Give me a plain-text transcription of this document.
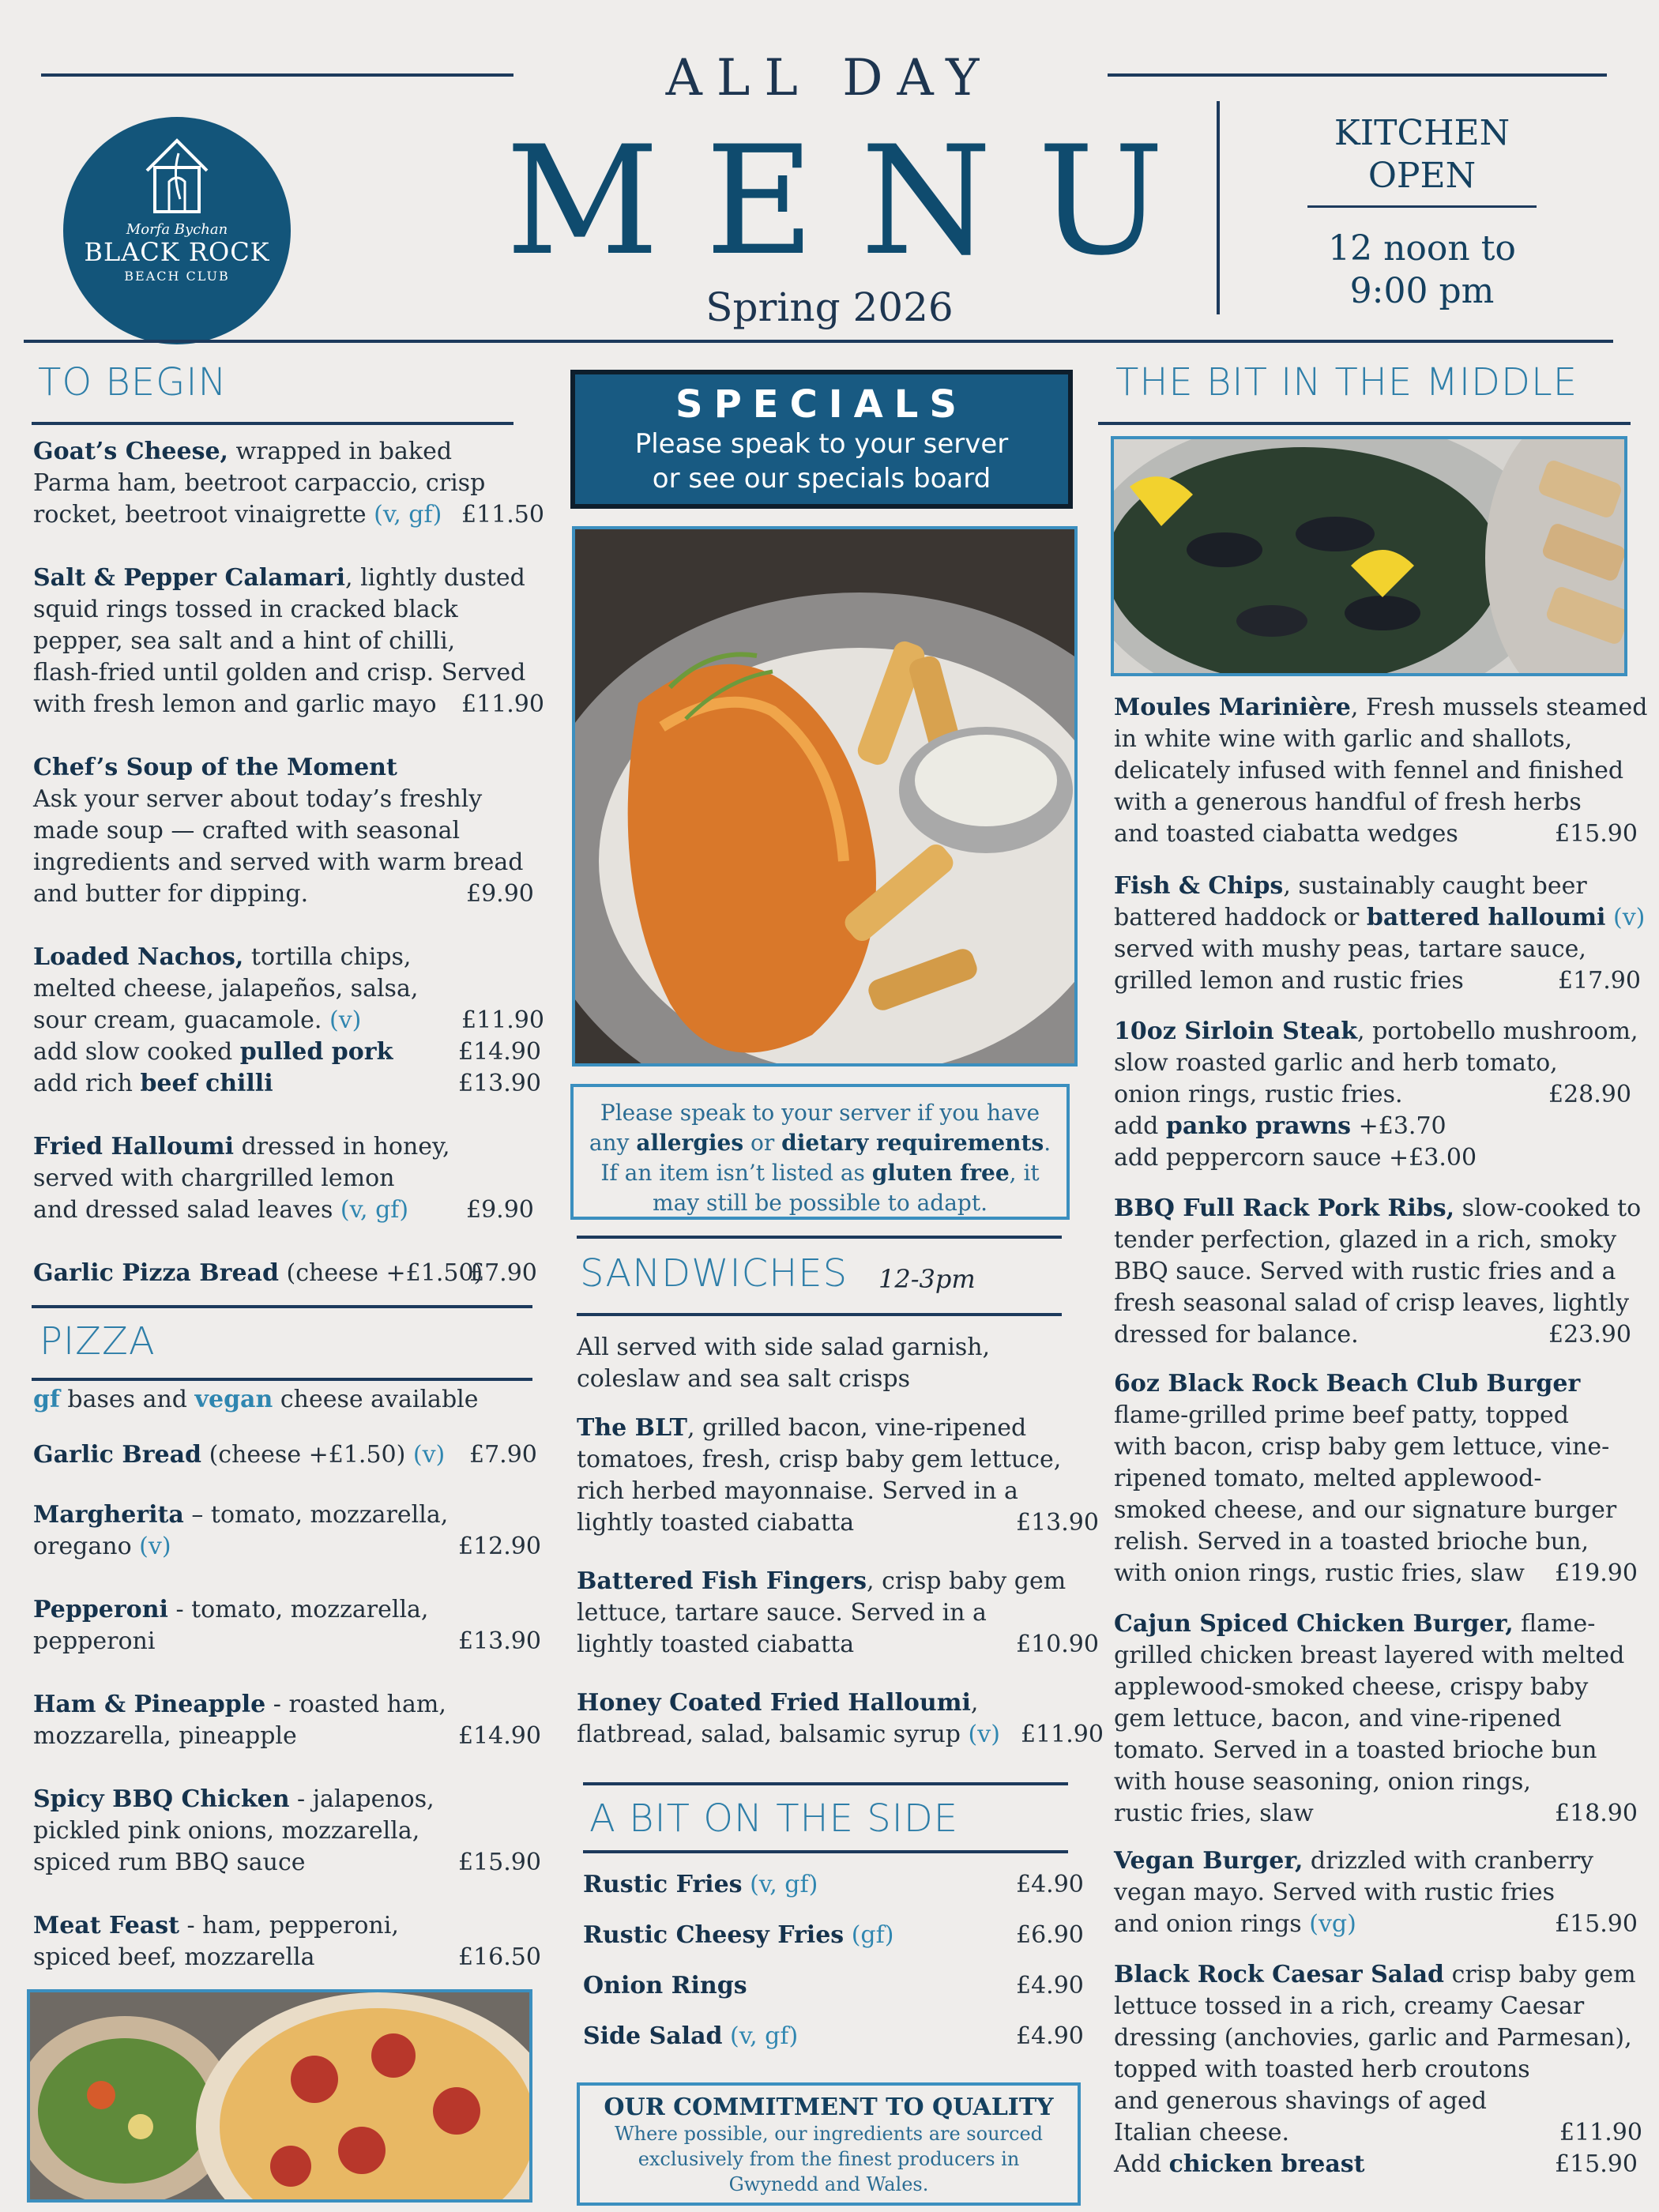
ALL DAY
MENU
Spring 2026
Morfa Bychan
BLACK ROCK
BEACH CLUB
KITCHEN
OPEN
12 noon to
9:00 pm
TO BEGIN
Goat’s Cheese, wrapped in baked
Parma ham, beetroot carpaccio, crisp
rocket, beetroot vinaigrette (v, gf) £11.50
Salt & Pepper Calamari, lightly dusted
squid rings tossed in cracked black
pepper, sea salt and a hint of chilli,
flash-fried until golden and crisp. Served
with fresh lemon and garlic mayo £11.90
Chef’s Soup of the Moment
Ask your server about today’s freshly
made soup — crafted with seasonal
ingredients and served with warm bread
and butter for dipping.	£9.90
Loaded Nachos, tortilla chips,
melted cheese, jalapeños, salsa,
sour cream, guacamole. (v)	£11.90
add slow cooked pulled pork	£14.90
add rich beef chilli	£13.90
Fried Halloumi dressed in honey,
served with chargrilled lemon
and dressed salad leaves (v, gf) £9.90
Garlic Pizza Bread (cheese +£1.50)
£7.90
PIZZA
gf bases and vegan cheese available
Garlic Bread (cheese +£1.50) (v) £7.90
Margherita – tomato, mozzarella,
oregano (v)	£12.90
Pepperoni - tomato, mozzarella,
pepperoni	£13.90
Ham & Pineapple - roasted ham,
mozzarella, pineapple	£14.90
Spicy BBQ Chicken - jalapenos,
pickled pink onions, mozzarella,
spiced rum BBQ sauce	£15.90
Meat Feast - ham, pepperoni,
spiced beef, mozzarella	£16.50
SPECIALS
Please speak to your server
or see our specials board
Please speak to your server if you have
any allergies or dietary requirements.
If an item isn’t listed as gluten free, it
may still be possible to adapt.
SANDWICHES 12-3pm
All served with side salad garnish,
coleslaw and sea salt crisps
The BLT, grilled bacon, vine-ripened
tomatoes, fresh, crisp baby gem lettuce,
rich herbed mayonnaise. Served in a
lightly toasted ciabatta	£13.90
Battered Fish Fingers, crisp baby gem
lettuce, tartare sauce. Served in a
lightly toasted ciabatta	£10.90
Honey Coated Fried Halloumi,
flatbread, salad, balsamic syrup (v) £11.90
A BIT ON THE SIDE
Rustic Fries (v, gf)	£4.90
Rustic Cheesy Fries (gf)	£6.90
Onion Rings	£4.90
Side Salad (v, gf)	£4.90
OUR COMMITMENT TO QUALITY
Where possible, our ingredients are sourced
exclusively from the finest producers in
Gwynedd and Wales.
THE BIT IN THE MIDDLE
Moules Marinière, Fresh mussels steamed
in white wine with garlic and shallots,
delicately infused with fennel and finished
with a generous handful of fresh herbs
and toasted ciabatta wedges	£15.90
Fish & Chips, sustainably caught beer
battered haddock or battered halloumi (v)
served with mushy peas, tartare sauce,
grilled lemon and rustic fries	£17.90
10oz Sirloin Steak, portobello mushroom,
slow roasted garlic and herb tomato,
onion rings, rustic fries.	£28.90
add panko prawns +£3.70
add peppercorn sauce +£3.00
BBQ Full Rack Pork Ribs, slow-cooked to
tender perfection, glazed in a rich, smoky
BBQ sauce. Served with rustic fries and a
fresh seasonal salad of crisp leaves, lightly
dressed for balance.	£23.90
6oz Black Rock Beach Club Burger
flame-grilled prime beef patty, topped
with bacon, crisp baby gem lettuce, vine-
ripened tomato, melted applewood-
smoked cheese, and our signature burger
relish. Served in a toasted brioche bun,
with onion rings, rustic fries, slaw £19.90
Cajun Spiced Chicken Burger, flame-
grilled chicken breast layered with melted
applewood-smoked cheese, crispy baby
gem lettuce, bacon, and vine-ripened
tomato. Served in a toasted brioche bun
with house seasoning, onion rings,
rustic fries, slaw	£18.90
Vegan Burger, drizzled with cranberry
vegan mayo. Served with rustic fries
and onion rings (vg)	£15.90
Black Rock Caesar Salad crisp baby gem
lettuce tossed in a rich, creamy Caesar
dressing (anchovies, garlic and Parmesan),
topped with toasted herb croutons
and generous shavings of aged
Italian cheese.	£11.90
Add chicken breast	£15.90
